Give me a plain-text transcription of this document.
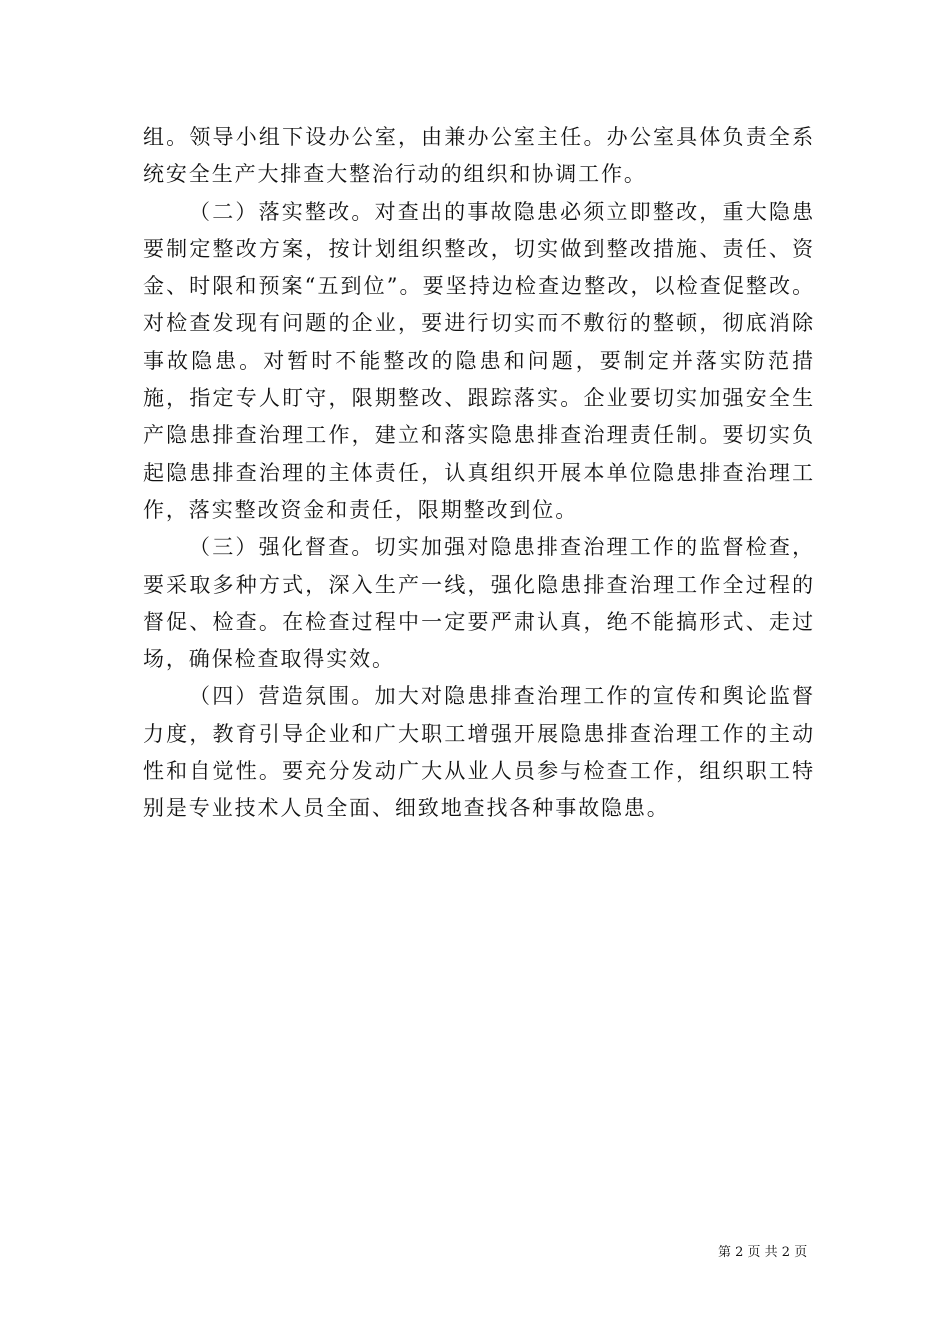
组。领导小组下设办公室，由兼办公室主任。办公室具体负责全系统安全生产大排查大整治行动的组织和协调工作。

（二）落实整改。对查出的事故隐患必须立即整改，重大隐患要制定整改方案，按计划组织整改，切实做到整改措施、责任、资金、时限和预案“五到位”。要坚持边检查边整改，以检查促整改。对检查发现有问题的企业，要进行切实而不敷衍的整顿，彻底消除事故隐患。对暂时不能整改的隐患和问题，要制定并落实防范措施，指定专人盯守，限期整改、跟踪落实。企业要切实加强安全生产隐患排查治理工作，建立和落实隐患排查治理责任制。要切实负起隐患排查治理的主体责任，认真组织开展本单位隐患排查治理工作，落实整改资金和责任，限期整改到位。

（三）强化督查。切实加强对隐患排查治理工作的监督检查，要采取多种方式，深入生产一线，强化隐患排查治理工作全过程的督促、检查。在检查过程中一定要严肃认真，绝不能搞形式、走过场，确保检查取得实效。

（四）营造氛围。加大对隐患排查治理工作的宣传和舆论监督力度，教育引导企业和广大职工增强开展隐患排查治理工作的主动性和自觉性。要充分发动广大从业人员参与检查工作，组织职工特别是专业技术人员全面、细致地查找各种事故隐患。

第 2 页 共 2 页
